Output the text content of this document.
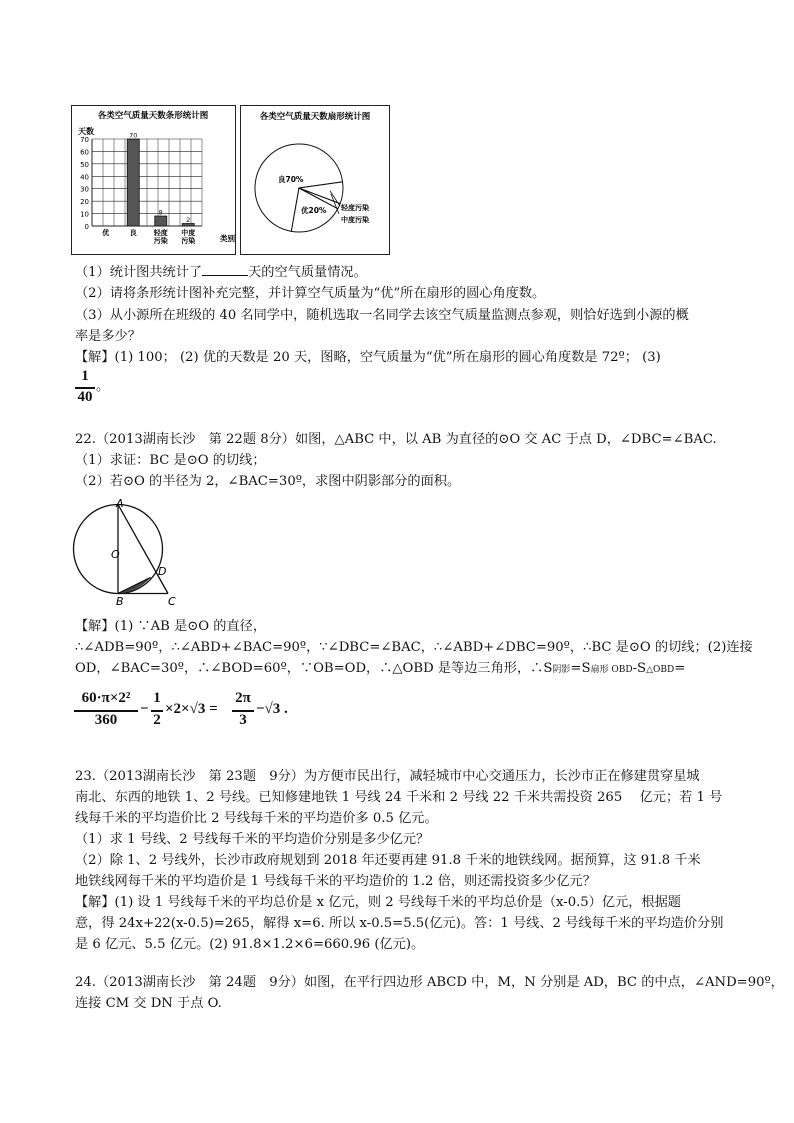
各类空气质量天数条形统计图
天数
70
60
50
40
30
20
10
0
70
8
2
优	良 轻度
污染
中度
污染	类别
各类空气质量天数扇形统计图
良70%
优20% 轻度污染
中度污染
（1）统计图共统计了	天的空气质量情况。
（2）请将条形统计图补充完整，并计算空气质量为“优”所在扇形的圆心角度数。
（3）从小源所在班级的 40 名同学中，随机选取一名同学去该空气质量监测点参观，则恰好选到小源的概
率是多少？
【解】(1) 100； (2) 优的天数是 20 天，图略，空气质量为“优”所在扇形的圆心角度数是 72º； (3)
1
40
。
22.（2013湖南长沙　第 22题 8分）如图，△ABC 中，以 AB 为直径的⊙O 交 AC 于点 D，∠DBC=∠BAC.
（1）求证：BC 是⊙O 的切线；
（2）若⊙O 的半径为 2，∠BAC=30º，求图中阴影部分的面积。
A
O
D
B	C
【解】(1) ∵AB 是⊙O 的直径，
∴∠ADB=90º，∴∠ABD+∠BAC=90º，∵∠DBC=∠BAC，∴∠ABD+∠DBC=90º，∴BC 是⊙O 的切线；(2)连接
OD，∠BAC=30º，∴∠BOD=60º，∵OB=OD，∴△OBD 是等边三角形，∴S阴影=S扇形 OBD-S△OBD=
60·π×2²
360
−
1
2
×2×√3 =
2π
3
−√3 .
23.（2013湖南长沙　第 23题　9分）为方便市民出行，减轻城市中心交通压力，长沙市正在修建贯穿星城
南北、东西的地铁 1、2 号线。已知修建地铁 1 号线 24 千米和 2 号线 22 千米共需投资 265　 亿元；若 1 号
线每千米的平均造价比 2 号线每千米的平均造价多 0.5 亿元。
（1）求 1 号线、2 号线每千米的平均造价分别是多少亿元？
（2）除 1、2 号线外，长沙市政府规划到 2018 年还要再建 91.8 千米的地铁线网。据预算，这 91.8 千米
地铁线网每千米的平均造价是 1 号线每千米的平均造价的 1.2 倍，则还需投资多少亿元？
【解】(1) 设 1 号线每千米的平均总价是 x 亿元，则 2 号线每千米的平均总价是（x-0.5）亿元，根据题
意，得 24x+22(x-0.5)=265，解得 x=6. 所以 x-0.5=5.5(亿元)。答：1 号线、2 号线每千米的平均造价分别
是 6 亿元、5.5 亿元。(2) 91.8×1.2×6=660.96 (亿元)。
24.（2013湖南长沙　第 24题　9分）如图，在平行四边形 ABCD 中，M，N 分别是 AD，BC 的中点，∠AND=90º，
连接 CM 交 DN 于点 O.
